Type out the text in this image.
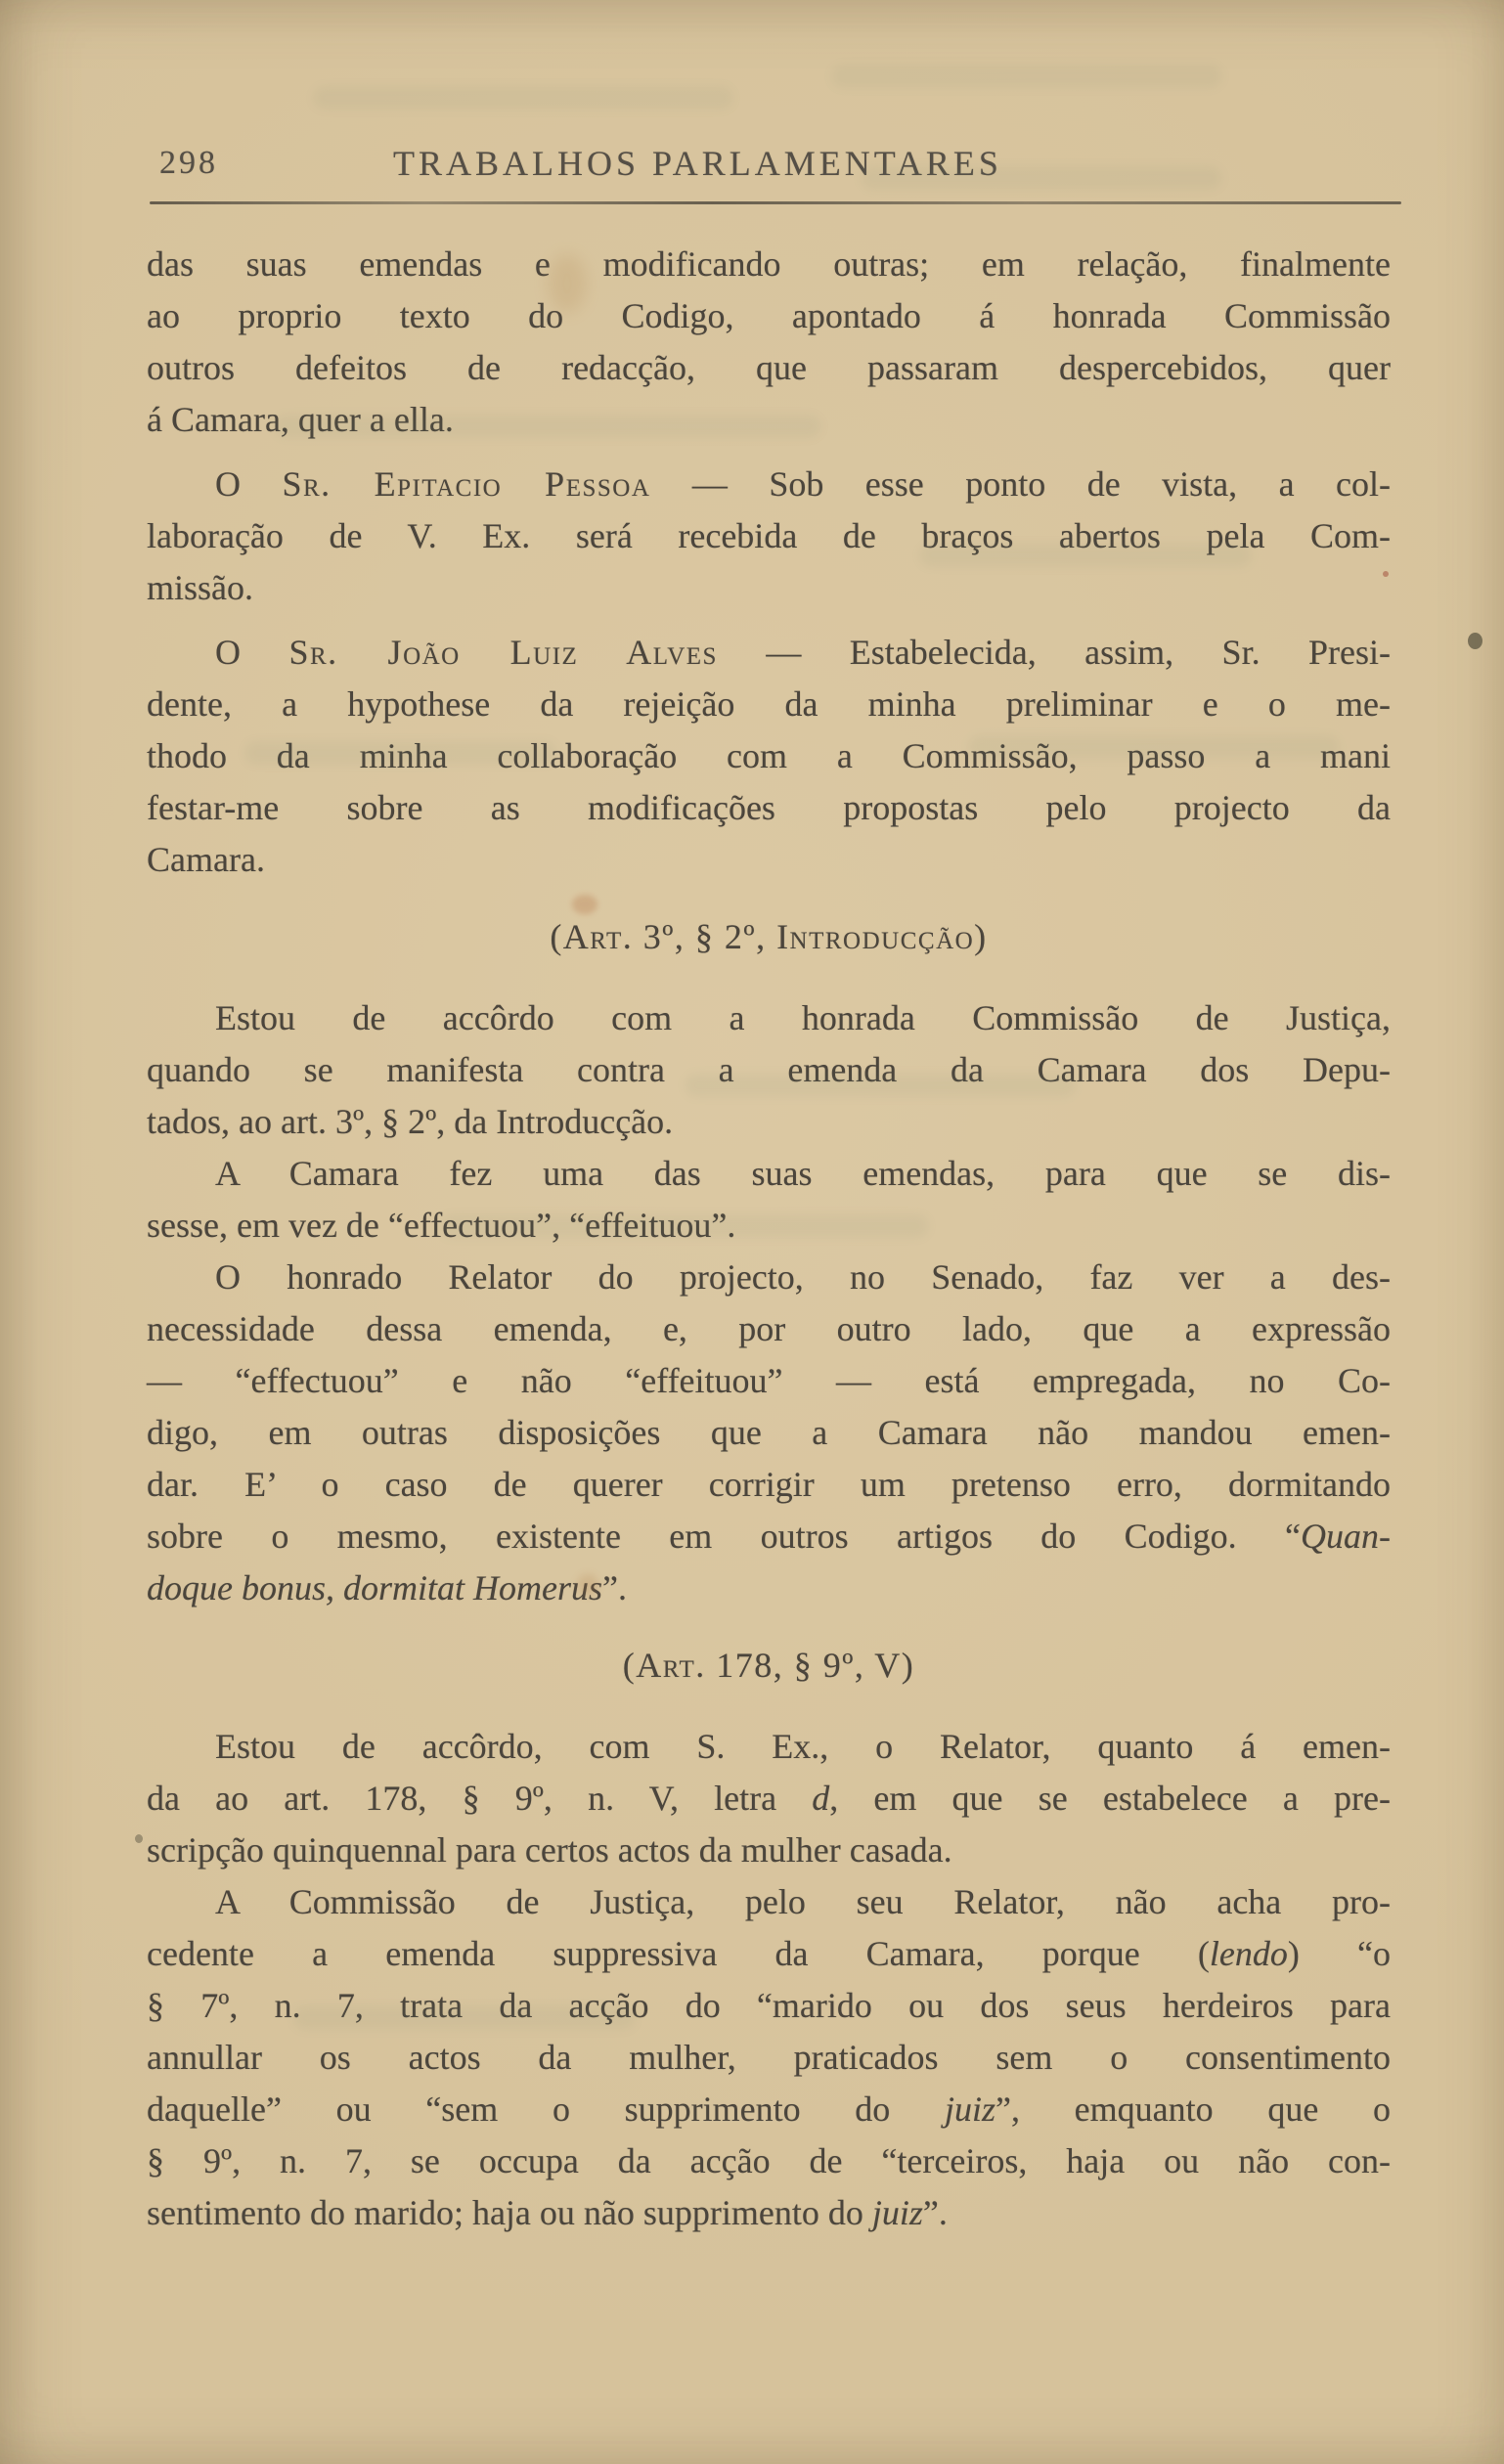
298	TRABALHOS PARLAMENTARES
das suas emendas e modificando outras; em relação, finalmente
ao proprio texto do Codigo, apontado á honrada Commissão
outros defeitos de redacção, que passaram despercebidos, quer
á Camara, quer a ella.
O Sr. Epitacio Pessoa — Sob esse ponto de vista, a col-
laboração de V. Ex. será recebida de braços abertos pela Com-
missão.
O Sr. João Luiz Alves — Estabelecida, assim, Sr. Presi-
dente, a hypothese da rejeição da minha preliminar e o me-
thodo da minha collaboração com a Commissão, passo a mani
festar-me sobre as modificações propostas pelo projecto da
Camara.
(Art. 3º, § 2º, Introducção)
Estou de accôrdo com a honrada Commissão de Justiça,
quando se manifesta contra a emenda da Camara dos Depu-
tados, ao art. 3º, § 2º, da Introducção.
A Camara fez uma das suas emendas, para que se dis-
sesse, em vez de “effectuou”, “effeituou”.
O honrado Relator do projecto, no Senado, faz ver a des-
necessidade dessa emenda, e, por outro lado, que a expressão
— “effectuou” e não “effeituou” — está empregada, no Co-
digo, em outras disposições que a Camara não mandou emen-
dar. E’ o caso de querer corrigir um pretenso erro, dormitando
sobre o mesmo, existente em outros artigos do Codigo. “Quan-
doque bonus, dormitat Homerus”.
(Art. 178, § 9º, V)
Estou de accôrdo, com S. Ex., o Relator, quanto á emen-
da ao art. 178, § 9º, n. V, letra d, em que se estabelece a pre-
scripção quinquennal para certos actos da mulher casada.
A Commissão de Justiça, pelo seu Relator, não acha pro-
cedente a emenda suppressiva da Camara, porque (lendo) “o
§ 7º, n. 7, trata da acção do “marido ou dos seus herdeiros para
annullar os actos da mulher, praticados sem o consentimento
daquelle” ou “sem o supprimento do juiz”, emquanto que o
§ 9º, n. 7, se occupa da acção de “terceiros, haja ou não con-
sentimento do marido; haja ou não supprimento do juiz”.
